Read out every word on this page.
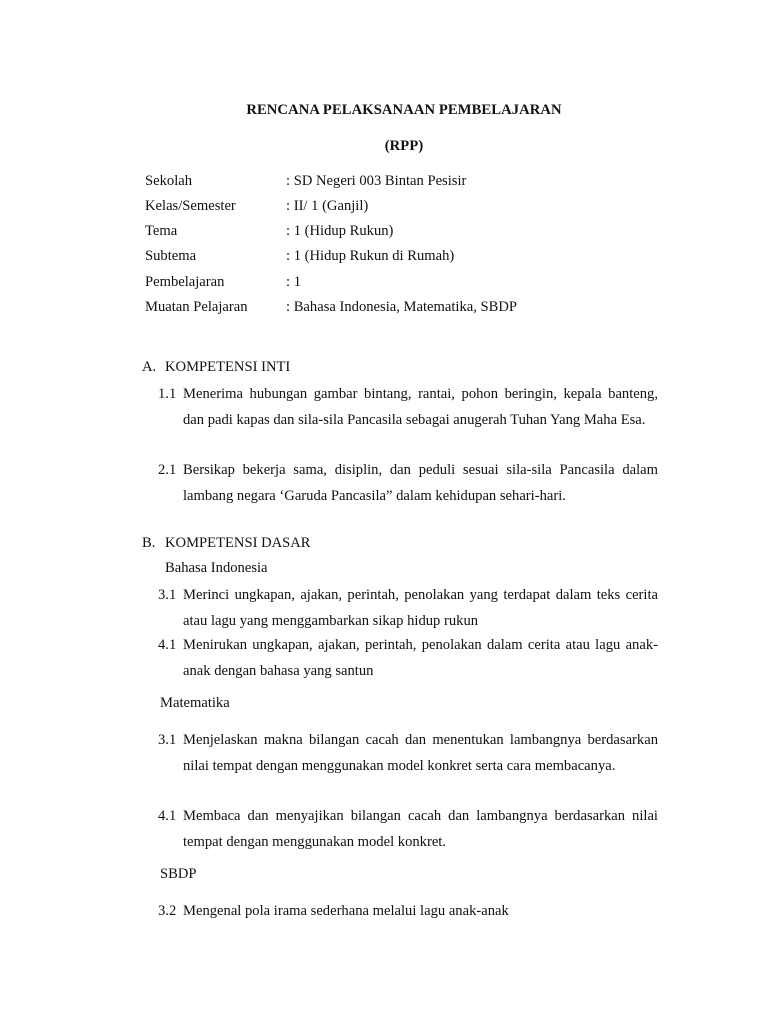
RENCANA PELAKSANAAN PEMBELAJARAN
(RPP)
Sekolah	: SD Negeri 003 Bintan Pesisir
Kelas/Semester	: II/ 1 (Ganjil)
Tema	: 1 (Hidup Rukun)
Subtema	: 1 (Hidup Rukun di Rumah)
Pembelajaran	: 1
Muatan Pelajaran	: Bahasa Indonesia, Matematika, SBDP
A. KOMPETENSI INTI
1.1 Menerima hubungan gambar bintang, rantai, pohon beringin, kepala banteng, dan padi kapas dan sila-sila Pancasila sebagai anugerah Tuhan Yang Maha Esa.
2.1 Bersikap bekerja sama, disiplin, dan peduli sesuai sila-sila Pancasila dalam lambang negara ‘Garuda Pancasila” dalam kehidupan sehari-hari.
B. KOMPETENSI DASAR
Bahasa Indonesia
3.1 Merinci ungkapan, ajakan, perintah, penolakan yang terdapat dalam teks cerita atau lagu yang menggambarkan sikap hidup rukun
4.1 Menirukan ungkapan, ajakan, perintah, penolakan dalam cerita atau lagu anak-anak dengan bahasa yang santun
Matematika
3.1 Menjelaskan makna bilangan cacah dan menentukan lambangnya berdasarkan nilai tempat dengan menggunakan model konkret serta cara membacanya.
4.1 Membaca dan menyajikan bilangan cacah dan lambangnya berdasarkan nilai tempat dengan menggunakan model konkret.
SBDP
3.2 Mengenal pola irama sederhana melalui lagu anak-anak
